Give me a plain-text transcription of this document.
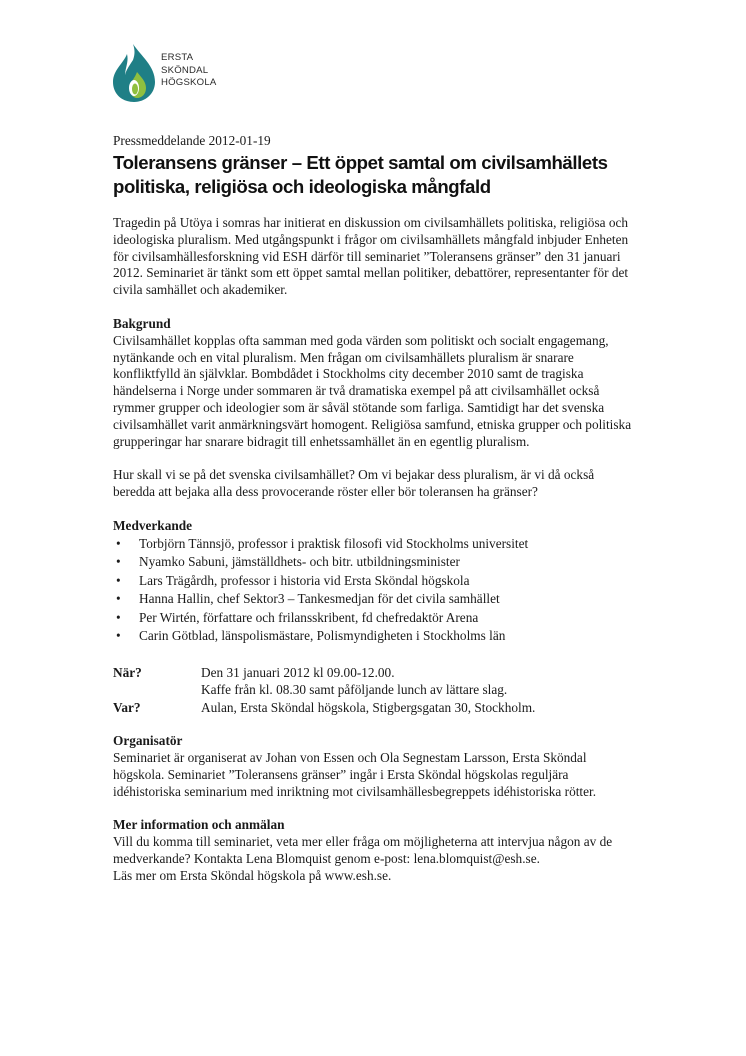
ERSTA
SKÖNDAL
HÖGSKOLA
Pressmeddelande 2012-01-19
Toleransens gränser – Ett öppet samtal om civilsamhällets politiska, religiösa och ideologiska mångfald

Tragedin på Utöya i somras har initierat en diskussion om civilsamhällets politiska, religiösa och ideologiska pluralism. Med utgångspunkt i frågor om civilsamhällets mångfald inbjuder Enheten för civilsamhällesforskning vid ESH därför till seminariet ”Toleransens gränser” den 31 januari 2012. Seminariet är tänkt som ett öppet samtal mellan politiker, debattörer, representanter för det civila samhället och akademiker.

Bakgrund

Civilsamhället kopplas ofta samman med goda värden som politiskt och socialt engagemang, nytänkande och en vital pluralism. Men frågan om civilsamhällets pluralism är snarare konfliktfylld än självklar. Bombdådet i Stockholms city december 2010 samt de tragiska händelserna i Norge under sommaren är två dramatiska exempel på att civilsamhället också rymmer grupper och ideologier som är såväl stötande som farliga. Samtidigt har det svenska civilsamhället varit anmärkningsvärt homogent. Religiösa samfund, etniska grupper och politiska grupperingar har snarare bidragit till enhetssamhället än en egentlig pluralism.

Hur skall vi se på det svenska civilsamhället? Om vi bejakar dess pluralism, är vi då också beredda att bejaka alla dess provocerande röster eller bör toleransen ha gränser?

Medverkande
• Torbjörn Tännsjö, professor i praktisk filosofi vid Stockholms universitet
• Nyamko Sabuni, jämställdhets- och bitr. utbildningsminister
• Lars Trägårdh, professor i historia vid Ersta Sköndal högskola
• Hanna Hallin, chef Sektor3 – Tankesmedjan för det civila samhället
• Per Wirtén, författare och frilansskribent, fd chefredaktör Arena
• Carin Götblad, länspolismästare, Polismyndigheten i Stockholms län
När?	Den 31 januari 2012 kl 09.00-12.00.
Kaffe från kl. 08.30 samt påföljande lunch av lättare slag.
Var?	Aulan, Ersta Sköndal högskola, Stigbergsgatan 30, Stockholm.
Organisatör

Seminariet är organiserat av Johan von Essen och Ola Segnestam Larsson, Ersta Sköndal högskola. Seminariet ”Toleransens gränser” ingår i Ersta Sköndal högskolas reguljära idéhistoriska seminarium med inriktning mot civilsamhällesbegreppets idéhistoriska rötter.

Mer information och anmälan

Vill du komma till seminariet, veta mer eller fråga om möjligheterna att intervjua någon av de medverkande? Kontakta Lena Blomquist genom e-post: lena.blomquist@esh.se.

Läs mer om Ersta Sköndal högskola på www.esh.se.
